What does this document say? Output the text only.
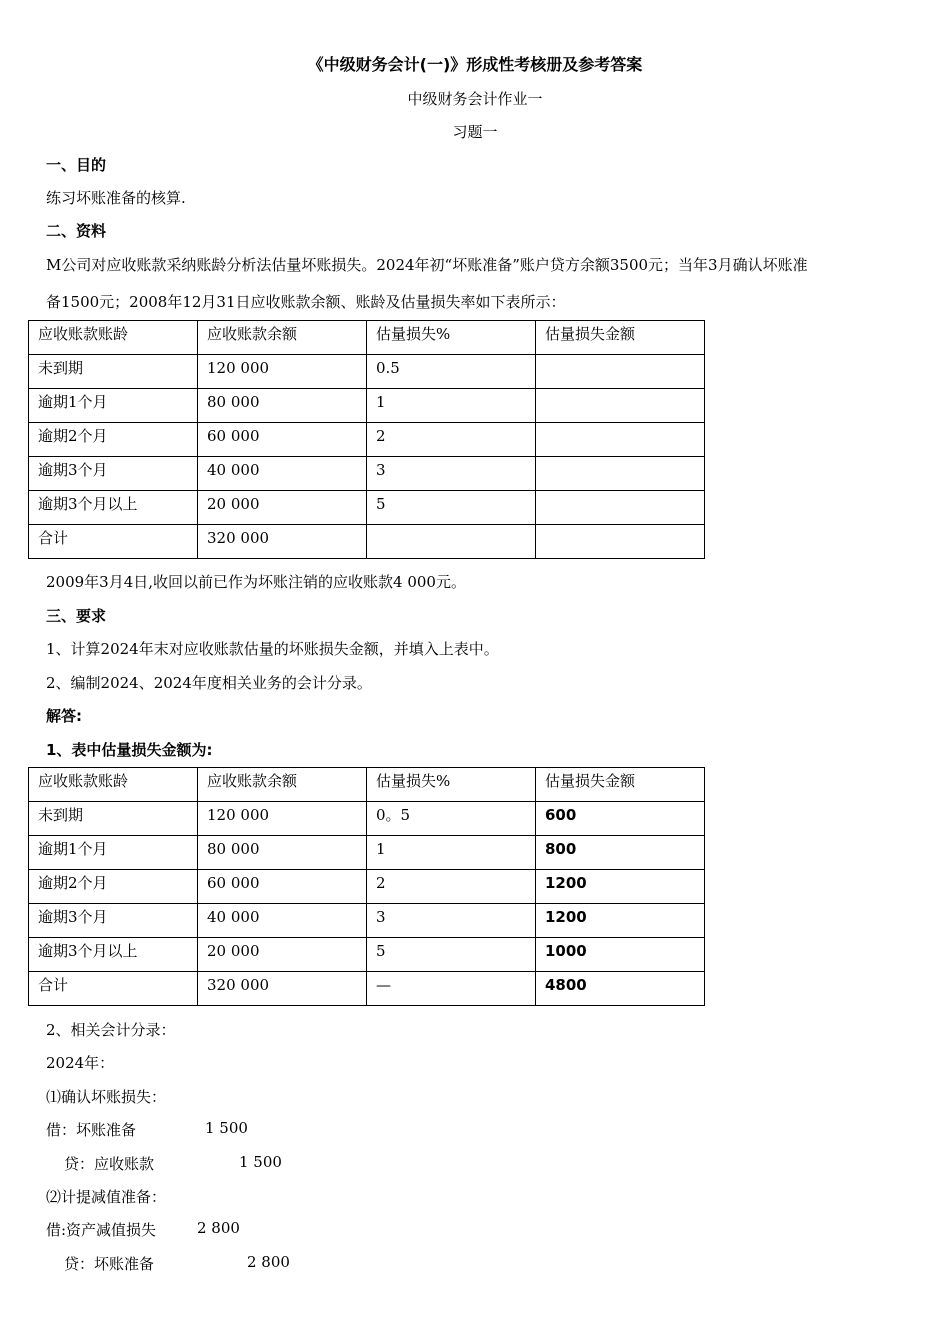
《中级财务会计(一)》形成性考核册及参考答案
中级财务会计作业一
习题一
一、目的
练习坏账准备的核算.
二、资料
M公司对应收账款采纳账龄分析法估量坏账损失。2024年初“坏账准备”账户贷方余额3500元；当年3月确认坏账准
备1500元；2008年12月31日应收账款余额、账龄及估量损失率如下表所示：
应收账款账龄	应收账款余额	估量损失%	估量损失金额
未到期	120 000	0.5	
逾期1个月	80 000	1	
逾期2个月	60 000	2	
逾期3个月	40 000	3	
逾期3个月以上	20 000	5	
合计	320 000		
2009年3月4日,收回以前已作为坏账注销的应收账款4 000元。
三、要求
1、计算2024年末对应收账款估量的坏账损失金额，并填入上表中。
2、编制2024、2024年度相关业务的会计分录。
解答:
1、表中估量损失金额为:
应收账款账龄	应收账款余额	估量损失%	估量损失金额
未到期	120 000	0。5	600
逾期1个月	80 000	1	800
逾期2个月	60 000	2	1200
逾期3个月	40 000	3	1200
逾期3个月以上	20 000	5	1000
合计	320 000	—	4800
2、相关会计分录：
2024年：
⑴确认坏账损失：
借：坏账准备	1 500
贷：应收账款	1 500
⑵计提减值准备：
借:资产减值损失	2 800
贷：坏账准备	2 800
